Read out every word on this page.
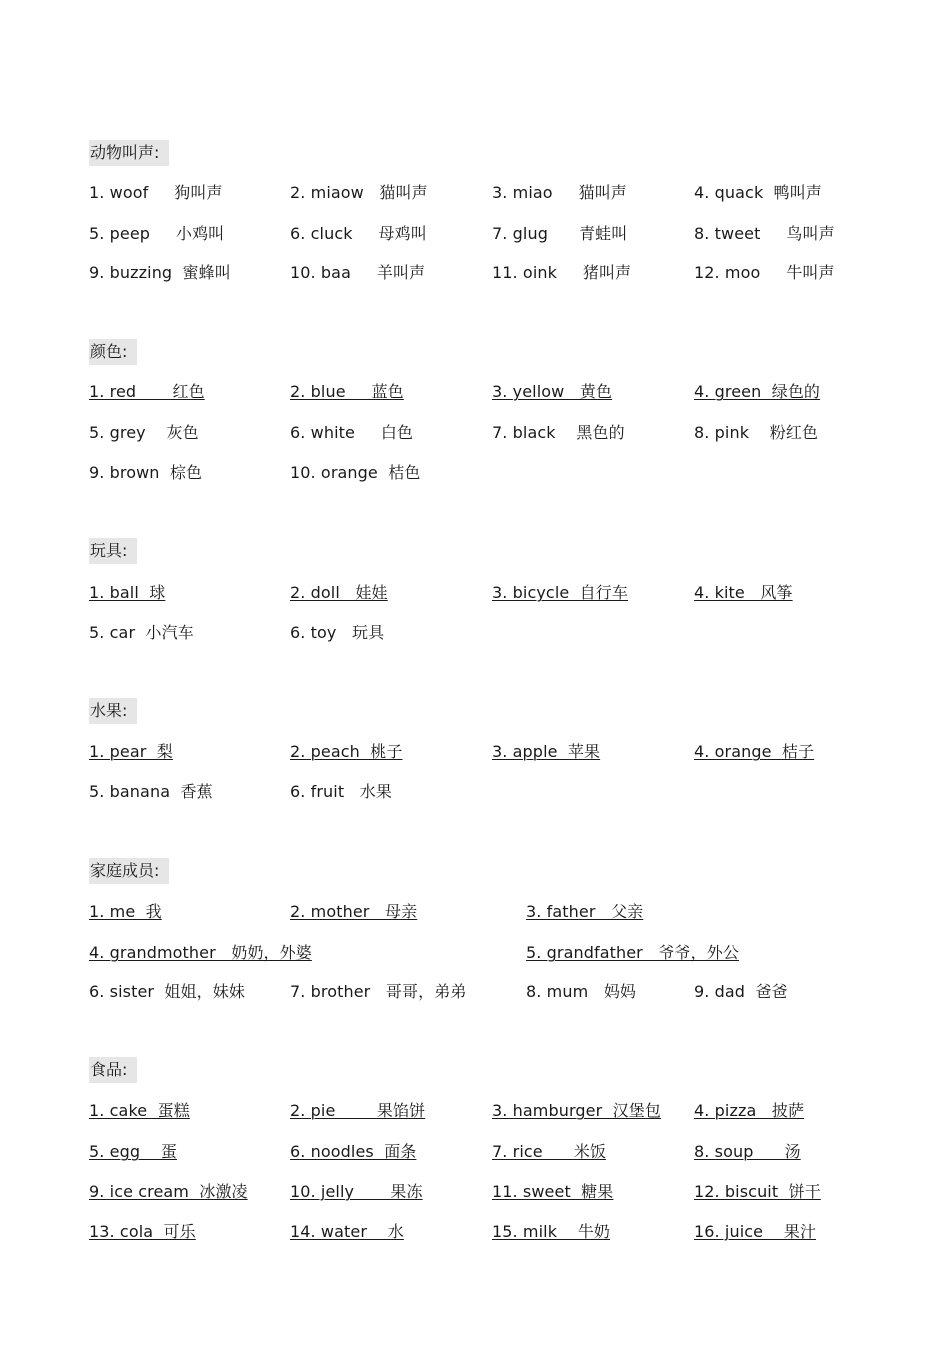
动物叫声:
1. woof     狗叫声	2. miaow   猫叫声	3. miao     猫叫声	4. quack  鸭叫声
5. peep     小鸡叫	6. cluck     母鸡叫	7. glug      青蛙叫	8. tweet     鸟叫声
9. buzzing  蜜蜂叫	10. baa     羊叫声	11. oink     猪叫声	12. moo     牛叫声
颜色:
1. red       红色	2. blue     蓝色	3. yellow   黄色	4. green  绿色的
5. grey    灰色	6. white     白色	7. black    黑色的	8. pink    粉红色
9. brown  棕色	10. orange  桔色
玩具:
1. ball  球	2. doll   娃娃	3. bicycle  自行车	4. kite   风筝
5. car  小汽车	6. toy   玩具
水果:
1. pear  梨	2. peach  桃子	3. apple  苹果	4. orange  桔子
5. banana  香蕉	6. fruit   水果
家庭成员:
1. me  我	2. mother   母亲	3. father   父亲
4. grandmother   奶奶，外婆	5. grandfather   爷爷，外公
6. sister  姐姐，妹妹	7. brother   哥哥，弟弟	8. mum   妈妈	9. dad  爸爸
食品:
1. cake  蛋糕	2. pie        果馅饼	3. hamburger  汉堡包 4. pizza   披萨
5. egg    蛋	6. noodles  面条	7. rice      米饭	8. soup      汤
9. ice cream  冰激凌	10. jelly       果冻	11. sweet  糖果	12. biscuit  饼干
13. cola  可乐	14. water    水	15. milk    牛奶	16. juice    果汁
